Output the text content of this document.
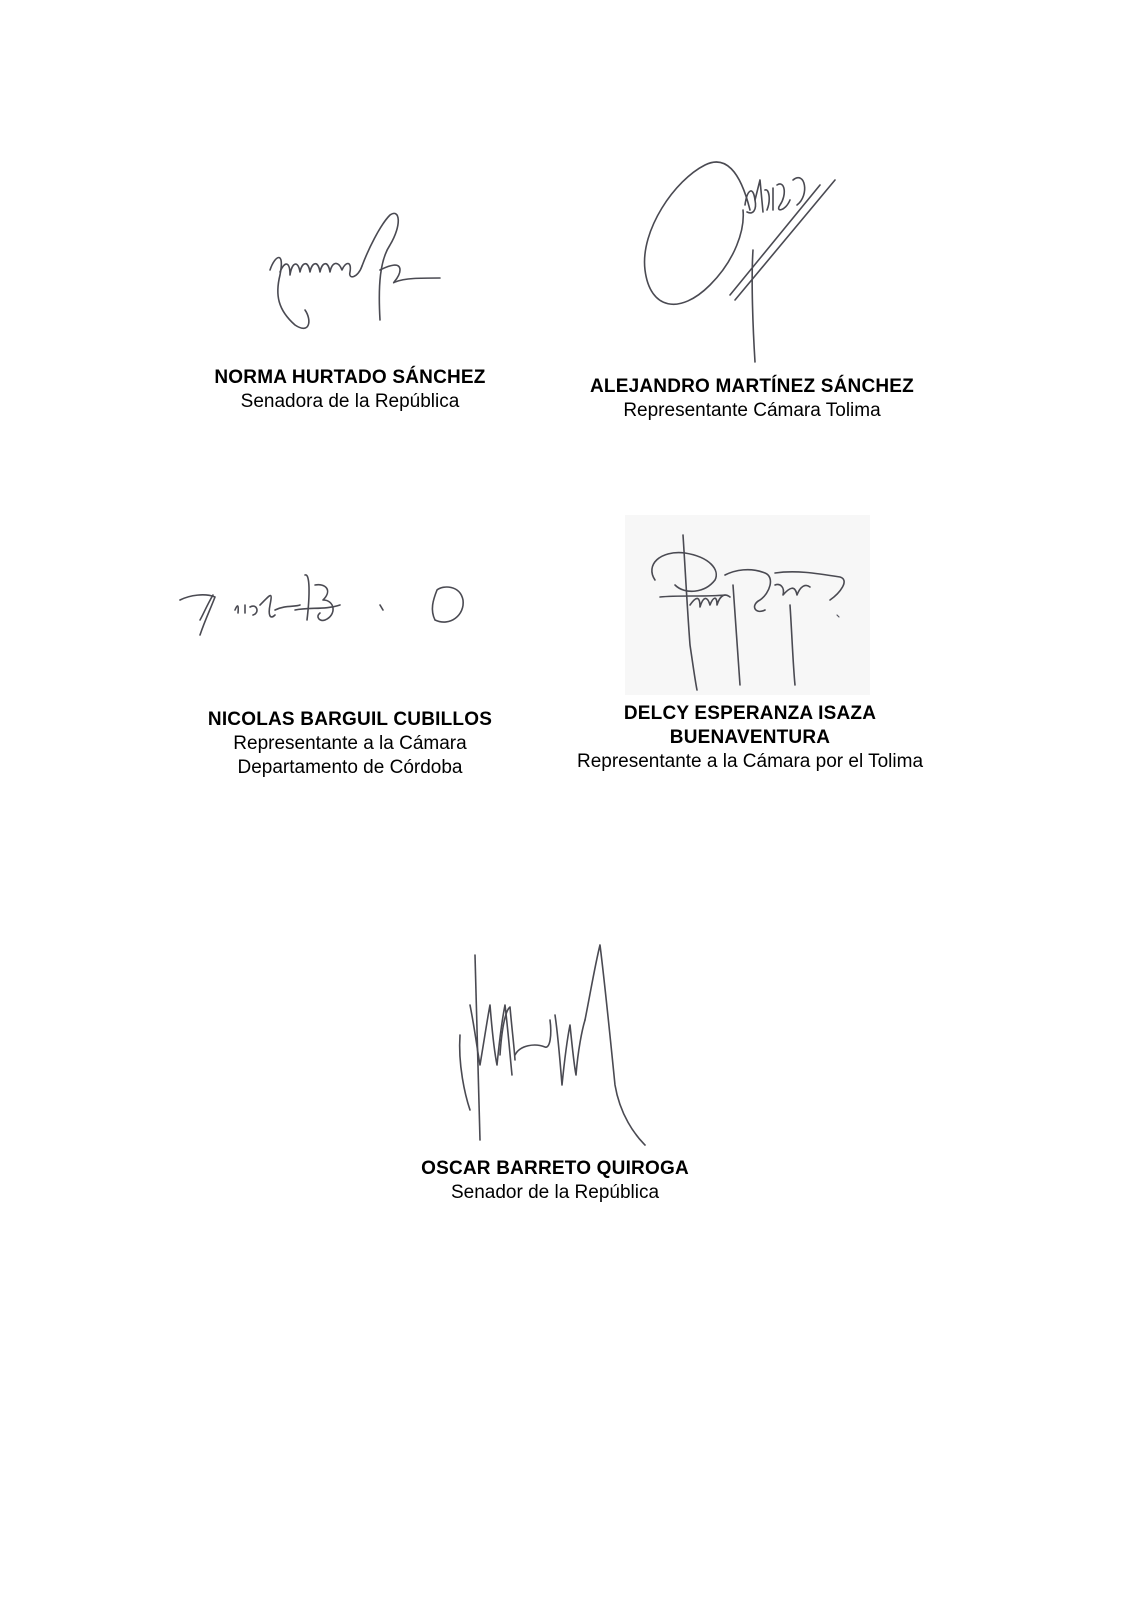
NORMA HURTADO SÁNCHEZ
Senadora de la República
ALEJANDRO MARTÍNEZ SÁNCHEZ
Representante Cámara Tolima
NICOLAS BARGUIL CUBILLOS
Representante a la Cámara
Departamento de Córdoba
DELCY ESPERANZA ISAZA
BUENAVENTURA
Representante a la Cámara por el Tolima
OSCAR BARRETO QUIROGA
Senador de la República
